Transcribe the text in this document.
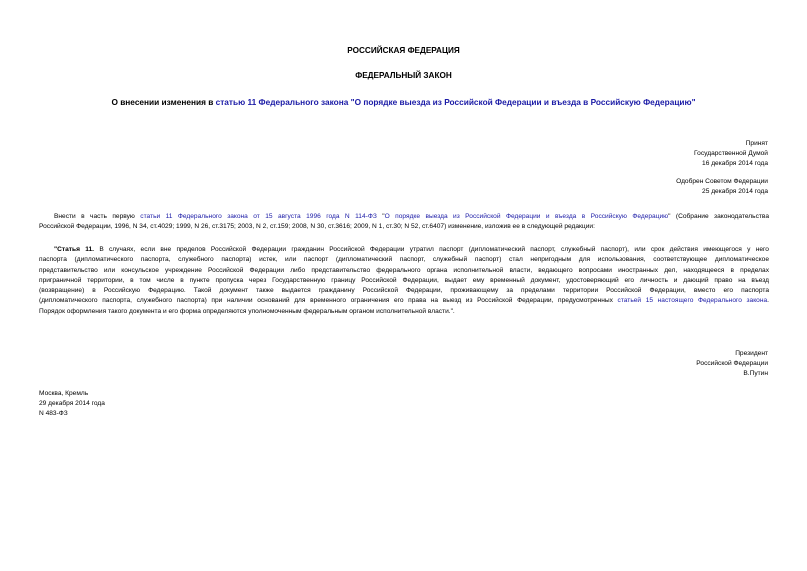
РОССИЙСКАЯ ФЕДЕРАЦИЯ
ФЕДЕРАЛЬНЫЙ ЗАКОН
О внесении изменения в статью 11 Федерального закона "О порядке выезда из Российской Федерации и въезда в Российскую Федерацию"
Принят
Государственной Думой
16 декабря 2014 года
Одобрен Советом Федерации
25 декабря 2014 года
Внести в часть первую статьи 11 Федерального закона от 15 августа 1996 года N 114-ФЗ "О порядке выезда из Российской Федерации и въезда в Российскую Федерацию" (Собрание законодательства
Российской Федерации, 1996, N 34, ст.4029; 1999, N 26, ст.3175; 2003, N 2, ст.159; 2008, N 30, ст.3616; 2009, N 1, ст.30; N 52, ст.6407) изменение, изложив ее в следующей редакции:
"Статья 11. В случаях, если вне пределов Российской Федерации гражданин Российской Федерации утратил паспорт (дипломатический паспорт, служебный паспорт), или срок действия имеющегося у него
паспорта (дипломатического паспорта, служебного паспорта) истек, или паспорт (дипломатический паспорт, служебный паспорт) стал непригодным для использования, соответствующее дипломатическое
представительство или консульское учреждение Российской Федерации либо представительство федерального органа исполнительной власти, ведающего вопросами иностранных дел, находящееся в пределах
приграничной территории, в том числе в пункте пропуска через Государственную границу Российской Федерации, выдает ему временный документ, удостоверяющий его личность и дающий право на въезд
(возвращение) в Российскую Федерацию. Такой документ также выдается гражданину Российской Федерации, проживающему за пределами территории Российской Федерации, вместо его паспорта
(дипломатического паспорта, служебного паспорта) при наличии оснований для временного ограничения его права на выезд из Российской Федерации, предусмотренных статьей 15 настоящего Федерального закона.
Порядок оформления такого документа и его форма определяются уполномоченным федеральным органом исполнительной власти.".
Президент
Российской Федерации
В.Путин
Москва, Кремль
29 декабря 2014 года
N 483-ФЗ
